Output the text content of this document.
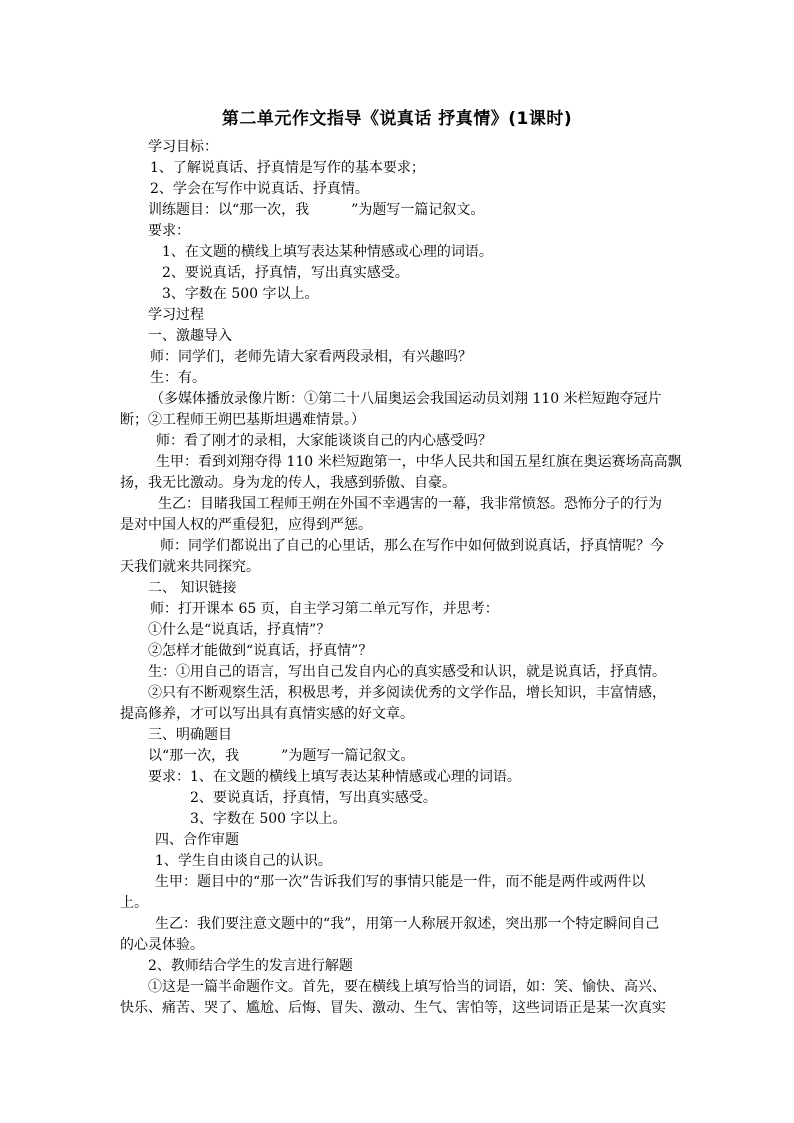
第二单元作文指导《说真话 抒真情》(1课时)
学习目标：
1、了解说真话、抒真情是写作的基本要求；
2、学会在写作中说真话、抒真情。
训练题目：以“那一次，我　　　”为题写一篇记叙文。
要求：
1、在文题的横线上填写表达某种情感或心理的词语。
2、要说真话，抒真情，写出真实感受。
3、字数在 500 字以上。
学习过程
一、激趣导入
师：同学们，老师先请大家看两段录相，有兴趣吗？
生：有。
（多媒体播放录像片断：①第二十八届奥运会我国运动员刘翔 110 米栏短跑夺冠片
断；②工程师王朔巴基斯坦遇难情景。）
师：看了刚才的录相，大家能谈谈自己的内心感受吗？
生甲：看到刘翔夺得 110 米栏短跑第一，中华人民共和国五星红旗在奥运赛场高高飘
扬，我无比激动。身为龙的传人，我感到骄傲、自豪。
生乙：目睹我国工程师王朔在外国不幸遇害的一幕，我非常愤怒。恐怖分子的行为
是对中国人权的严重侵犯，应得到严惩。
师：同学们都说出了自己的心里话，那么在写作中如何做到说真话，抒真情呢？今
天我们就来共同探究。
二、 知识链接
师：打开课本 65 页，自主学习第二单元写作，并思考：
①什么是“说真话，抒真情”？
②怎样才能做到“说真话，抒真情”？
生：①用自己的语言，写出自己发自内心的真实感受和认识，就是说真话，抒真情。
②只有不断观察生活，积极思考，并多阅读优秀的文学作品，增长知识，丰富情感，
提高修养，才可以写出具有真情实感的好文章。
三、明确题目
以“那一次，我　　　”为题写一篇记叙文。
要求：1、在文题的横线上填写表达某种情感或心理的词语。
2、要说真话，抒真情，写出真实感受。
3、字数在 500 字以上。
四、合作审题
1、学生自由谈自己的认识。
生甲：题目中的“那一次”告诉我们写的事情只能是一件，而不能是两件或两件以
上。
生乙：我们要注意文题中的“我”，用第一人称展开叙述，突出那一个特定瞬间自己
的心灵体验。
2、教师结合学生的发言进行解题
①这是一篇半命题作文。首先，要在横线上填写恰当的词语，如：笑、愉快、高兴、
快乐、痛苦、哭了、尴尬、后悔、冒失、激动、生气、害怕等，这些词语正是某一次真实
